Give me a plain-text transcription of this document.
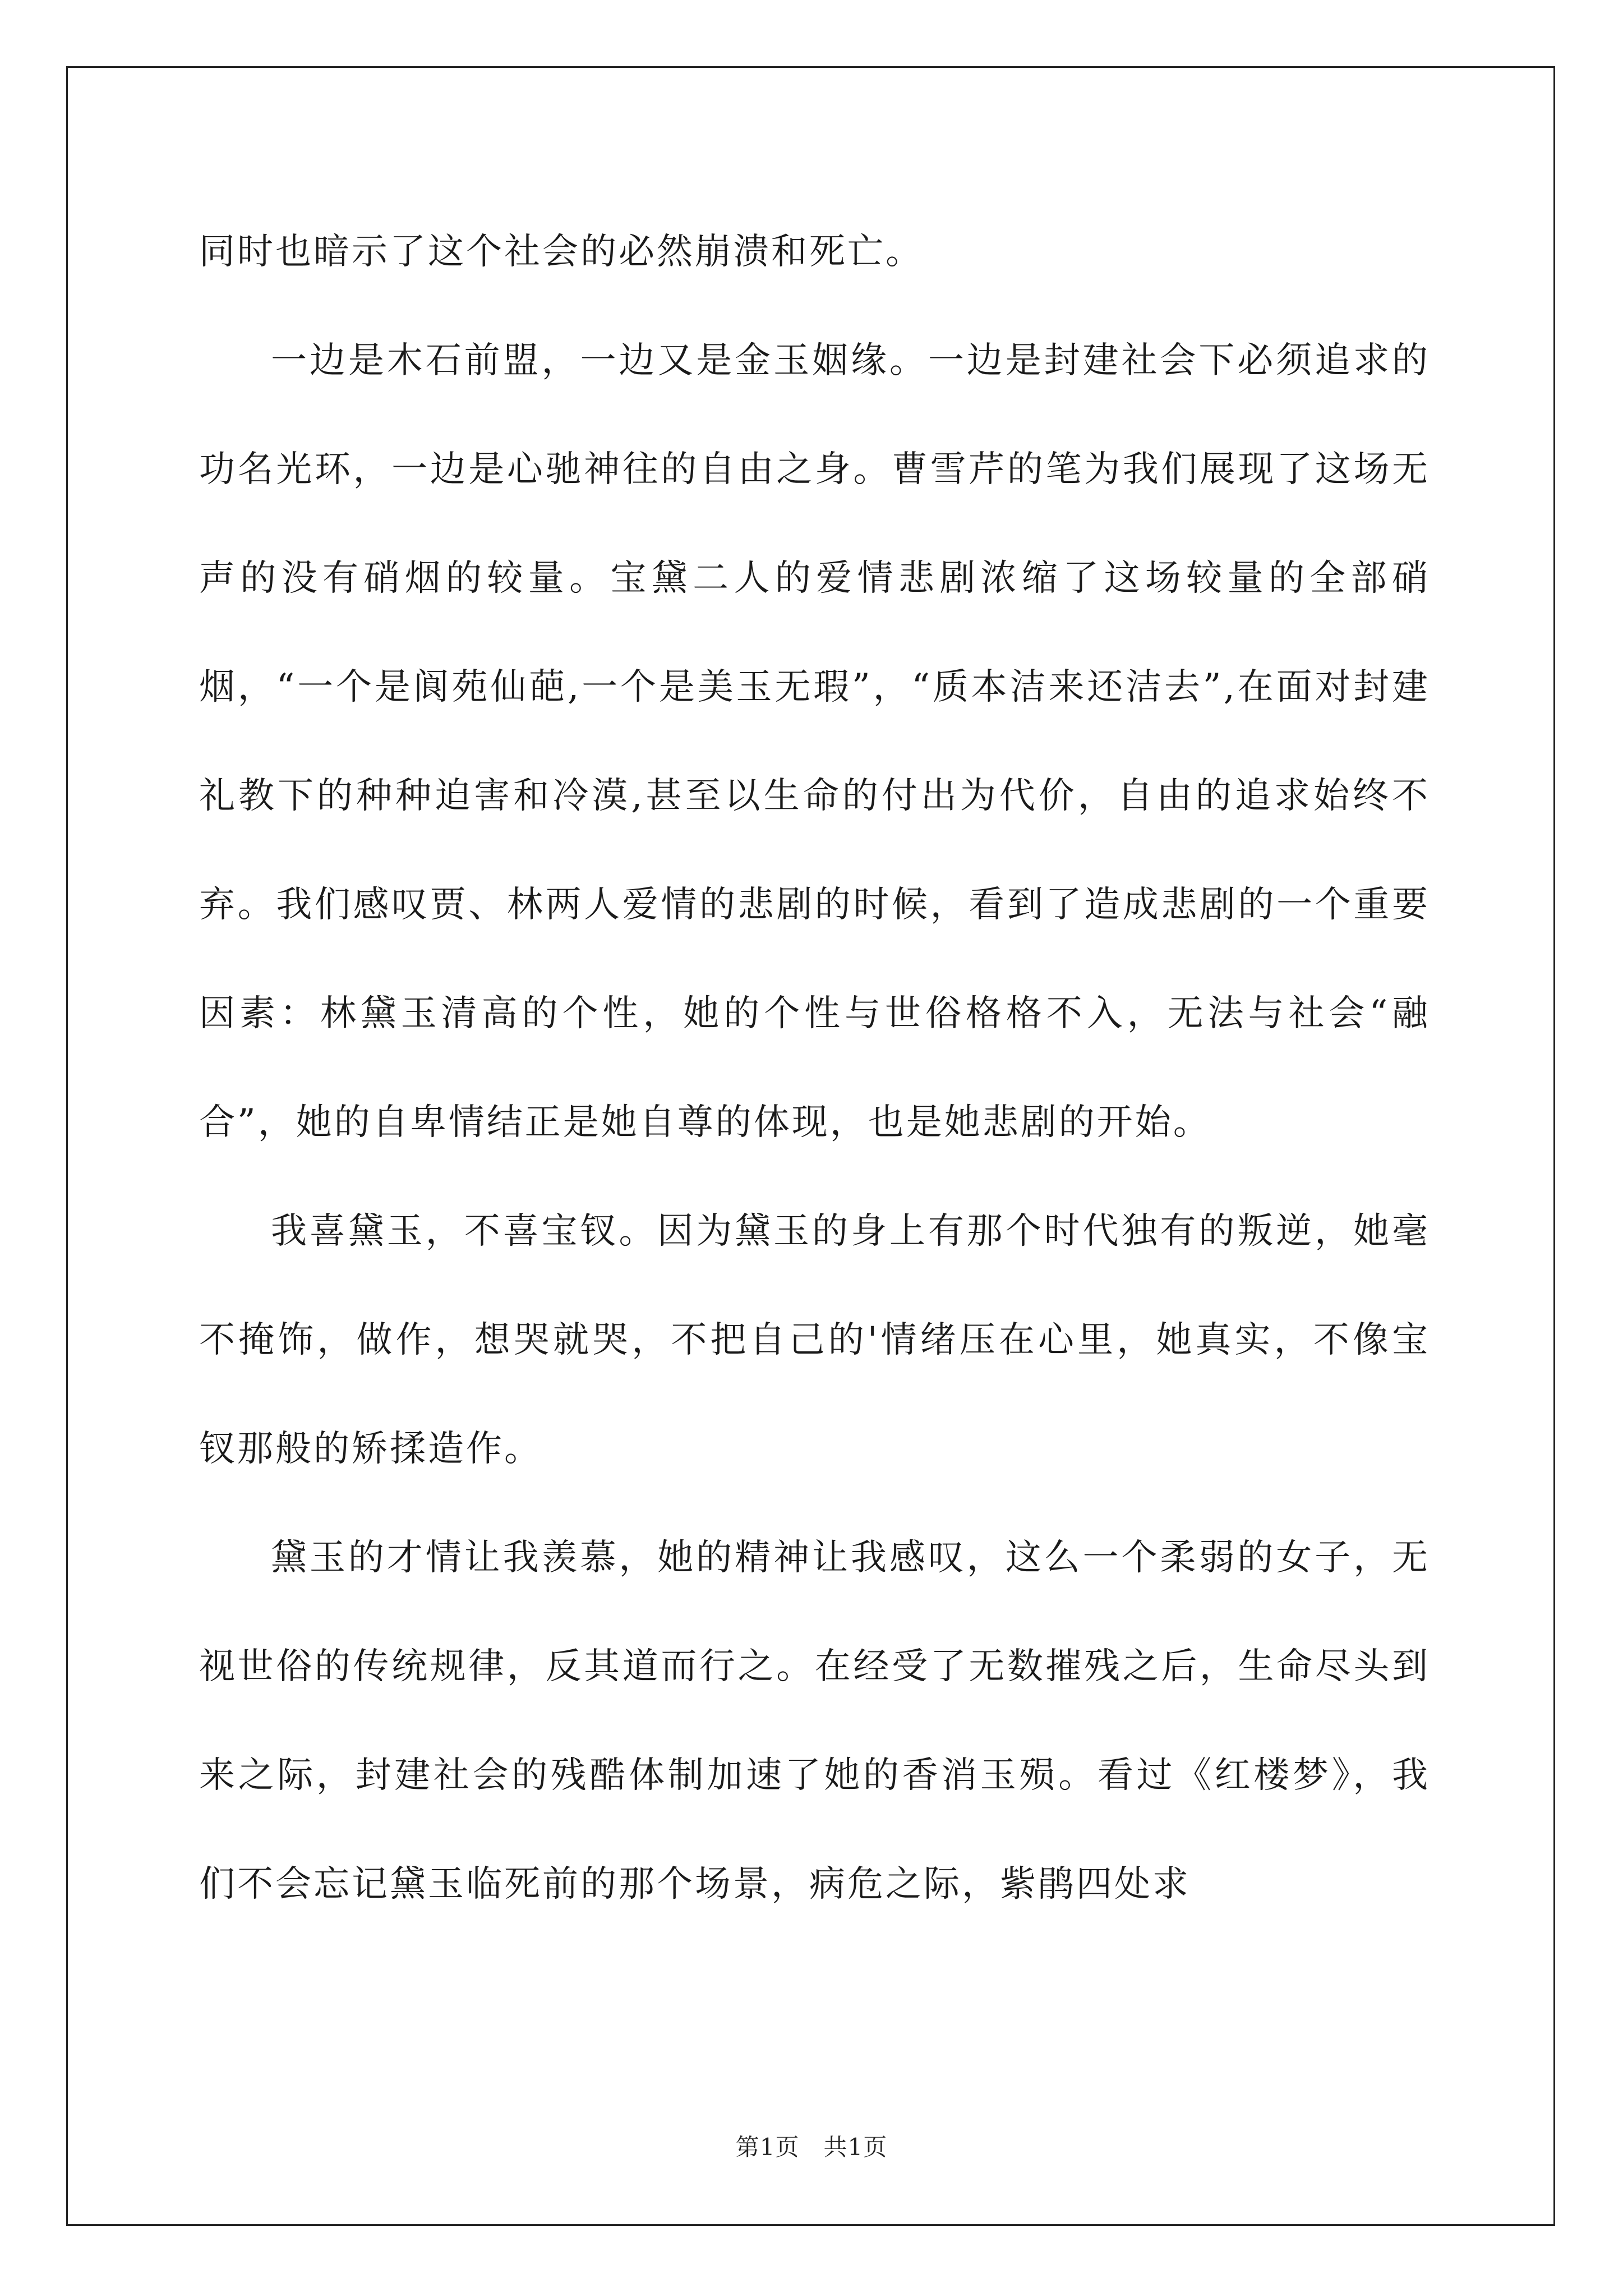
同时也暗示了这个社会的必然崩溃和死亡。

一边是木石前盟，一边又是金玉姻缘。一边是封建社会下必须追求的功名光环，一边是心驰神往的自由之身。曹雪芹的笔为我们展现了这场无声的没有硝烟的较量。宝黛二人的爱情悲剧浓缩了这场较量的全部硝烟，“一个是阆苑仙葩,一个是美玉无瑕”，“质本洁来还洁去”,在面对封建礼教下的种种迫害和冷漠,甚至以生命的付出为代价，自由的追求始终不弃。我们感叹贾、林两人爱情的悲剧的时候，看到了造成悲剧的一个重要因素：林黛玉清高的个性，她的个性与世俗格格不入，无法与社会“融合”，她的自卑情结正是她自尊的体现，也是她悲剧的开始。

我喜黛玉，不喜宝钗。因为黛玉的身上有那个时代独有的叛逆，她毫不掩饰，做作，想哭就哭，不把自己的'情绪压在心里，她真实，不像宝钗那般的矫揉造作。

黛玉的才情让我羡慕，她的精神让我感叹，这么一个柔弱的女子，无视世俗的传统规律，反其道而行之。在经受了无数摧残之后，生命尽头到来之际，封建社会的残酷体制加速了她的香消玉殒。看过《红楼梦》，我们不会忘记黛玉临死前的那个场景，病危之际，紫鹃四处求

第1页　共1页
